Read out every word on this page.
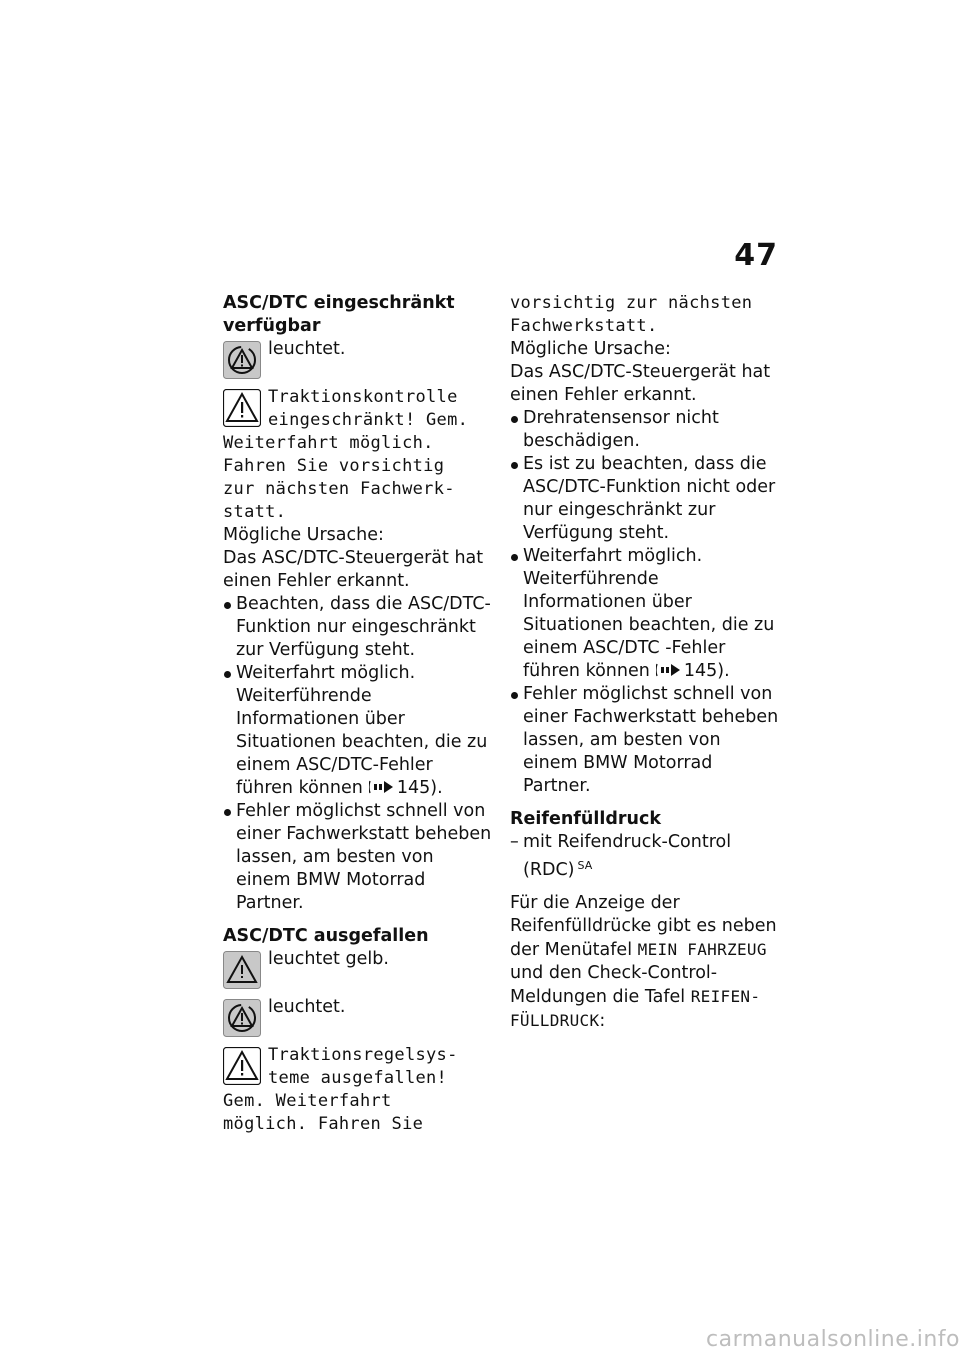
47
ASC/DTC eingeschränkt
verfügbar
leuchtet.
Traktionskontrolle
eingeschränkt! Gem.
Weiterfahrt möglich.
Fahren Sie vorsichtig
zur nächsten Fachwerk-
statt.
Mögliche Ursache:
Das ASC/DTC-Steuergerät hat einen Fehler erkannt.
Beachten, dass die ASC/DTC-Funktion nur eingeschränkt zur Verfügung steht.
Weiterfahrt möglich. Weiterführende Informationen über Situationen beachten, die zu einem ASC/DTC-Fehler führen können 145).
Fehler möglichst schnell von einer Fachwerkstatt beheben lassen, am besten von einem BMW Motorrad Partner.
ASC/DTC ausgefallen
leuchtet gelb.
leuchtet.
Traktionsregelsys-
teme ausgefallen!
Gem. Weiterfahrt
möglich. Fahren Sie
vorsichtig zur nächsten
Fachwerkstatt.
Mögliche Ursache:
Das ASC/DTC-Steuergerät hat einen Fehler erkannt.
Drehratensensor nicht beschädigen.
Es ist zu beachten, dass die ASC/DTC-Funktion nicht oder nur eingeschränkt zur Verfügung steht.
Weiterfahrt möglich. Weiterführende Informationen über Situationen beachten, die zu einem ASC/DTC -Fehler führen können 145).
Fehler möglichst schnell von einer Fachwerkstatt beheben lassen, am besten von einem BMW Motorrad Partner.
Reifenfülldruck
– mit Reifendruck-Control (RDC) $^{SA}$

Für die Anzeige der Reifenfülldrücke gibt es neben der Menütafel MEIN FAHRZEUG und den Check-Control-Meldungen die Tafel REIFEN-FÜLLDRUCK:

carmanualsonline.info
